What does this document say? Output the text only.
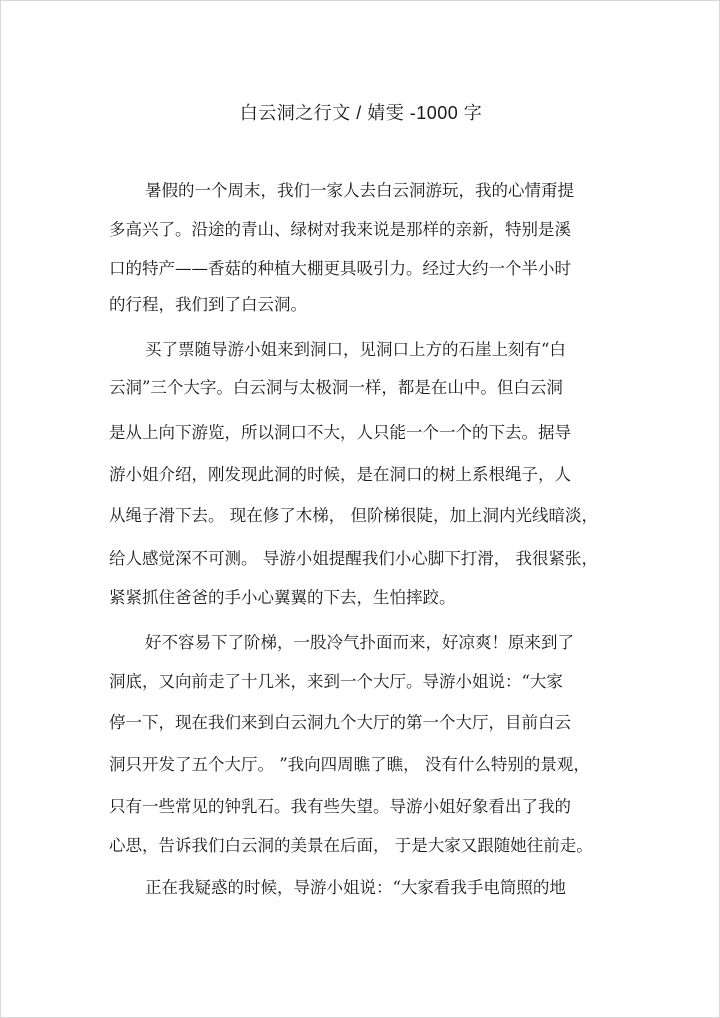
白云洞之行文 / 婧雯 -1000 字
暑假的一个周末，我们一家人去白云洞游玩，我的心情甭提
多高兴了。沿途的青山、绿树对我来说是那样的亲新，特别是溪
口的特产——香菇的种植大棚更具吸引力。经过大约一个半小时
的行程，我们到了白云洞。
买了票随导游小姐来到洞口，见洞口上方的石崖上刻有“白
云洞”三个大字。白云洞与太极洞一样，都是在山中。但白云洞
是从上向下游览，所以洞口不大，人只能一个一个的下去。据导
游小姐介绍，刚发现此洞的时候，是在洞口的树上系根绳子，人
从绳子滑下去。 现在修了木梯， 但阶梯很陡，加上洞内光线暗淡，
给人感觉深不可测。 导游小姐提醒我们小心脚下打滑， 我很紧张，
紧紧抓住爸爸的手小心翼翼的下去，生怕摔跤。
好不容易下了阶梯，一股冷气扑面而来，好凉爽！原来到了
洞底，又向前走了十几米，来到一个大厅。导游小姐说：“大家
停一下，现在我们来到白云洞九个大厅的第一个大厅，目前白云
洞只开发了五个大厅。 ”我向四周瞧了瞧， 没有什么特别的景观，
只有一些常见的钟乳石。我有些失望。导游小姐好象看出了我的
心思，告诉我们白云洞的美景在后面， 于是大家又跟随她往前走。
正在我疑惑的时候，导游小姐说：“大家看我手电筒照的地
